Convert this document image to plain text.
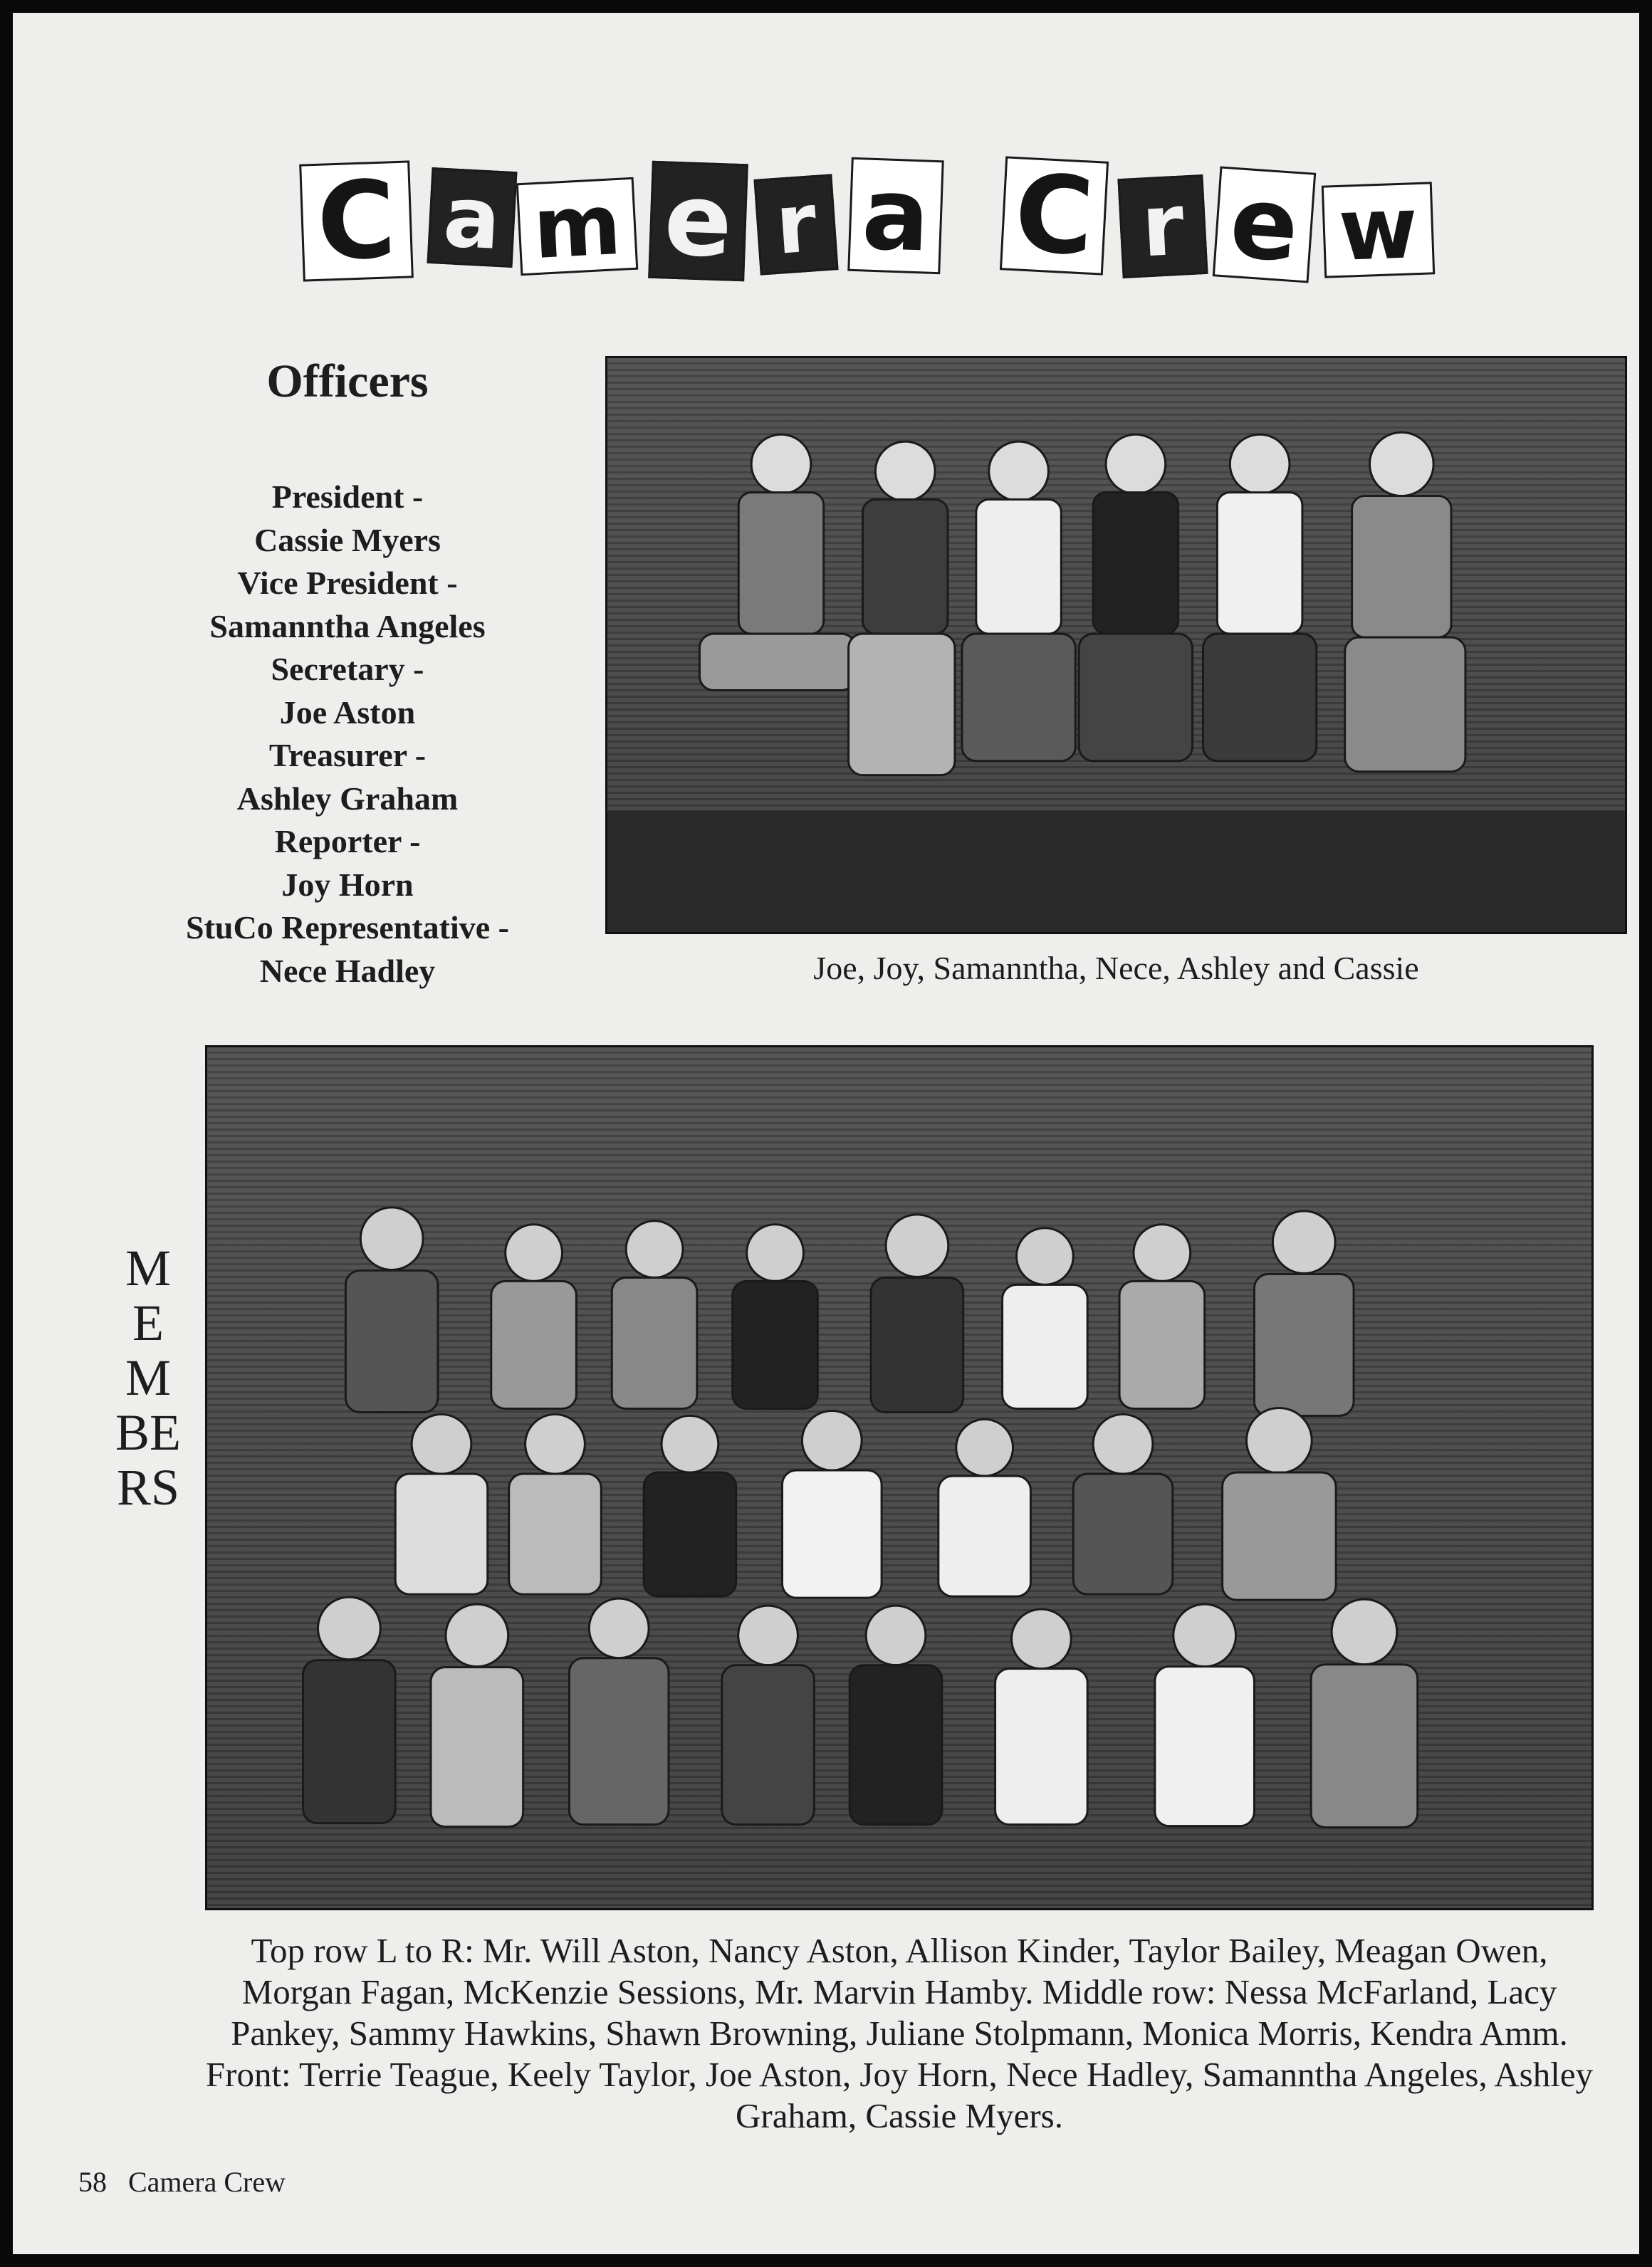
C a m e r a C r e w
Officers
President -
Cassie Myers
Vice President -
Samanntha Angeles
Secretary -
Joe Aston
Treasurer -
Ashley Graham
Reporter -
Joy Horn
StuCo Representative -
Nece Hadley	Joe, Joy, Samanntha, Nece, Ashley and Cassie
MEMBERS
Top row L to R: Mr. Will Aston, Nancy Aston, Allison Kinder, Taylor Bailey, Meagan Owen, Morgan Fagan, McKenzie Sessions, Mr. Marvin Hamby. Middle row: Nessa McFarland, Lacy Pankey, Sammy Hawkins, Shawn Browning, Juliane Stolpmann, Monica Morris, Kendra Amm. Front: Terrie Teague, Keely Taylor, Joe Aston, Joy Horn, Nece Hadley, Samanntha Angeles, Ashley Graham, Cassie Myers.
58 Camera Crew
